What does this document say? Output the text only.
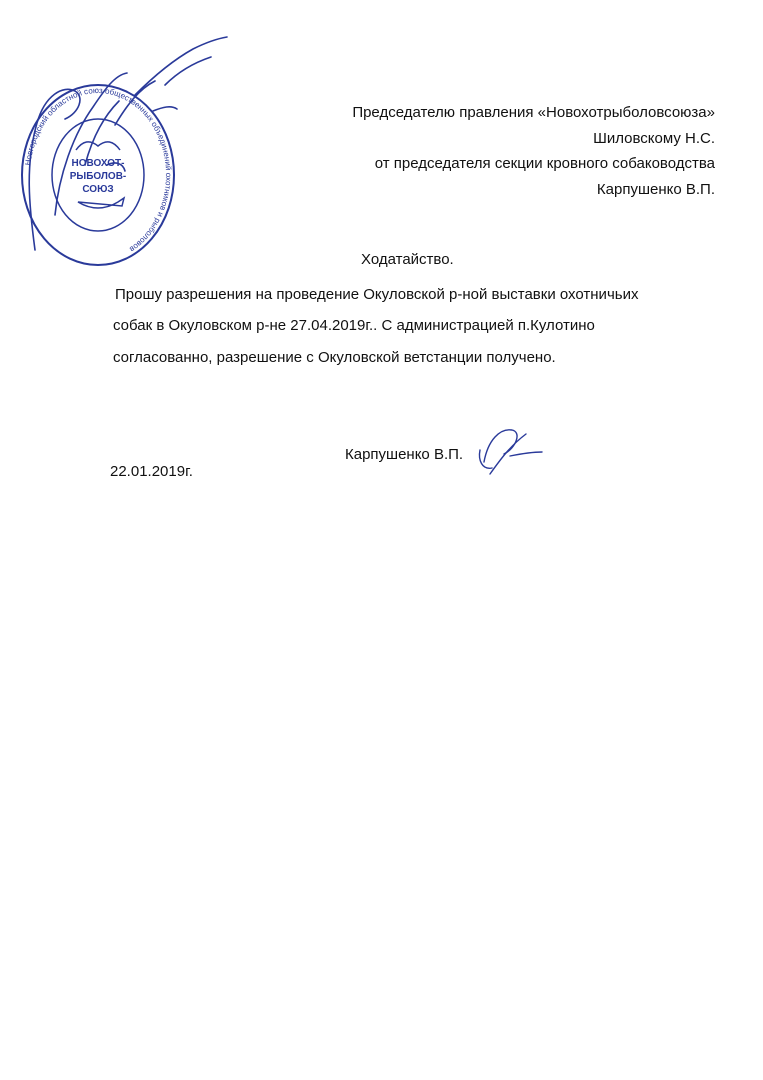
Председателю правления «Новохотрыболовсоюза»
Шиловскому Н.С.
от председателя секции кровного собаководства
Карпушенко В.П.
Ходатайство.
Прошу разрешения на проведение Окуловской р-ной выставки охотничьих
собак в Окуловском р-не 27.04.2019г.. С администрацией п.Кулотино
согласованно, разрешение с Окуловской ветстанции получено.
Карпушенко В.П.
22.01.2019г.
Новгородский областной союз общественных объединений охотников и рыболовов
НОВОХОТ-
РЫБОЛОВ-
СОЮЗ
